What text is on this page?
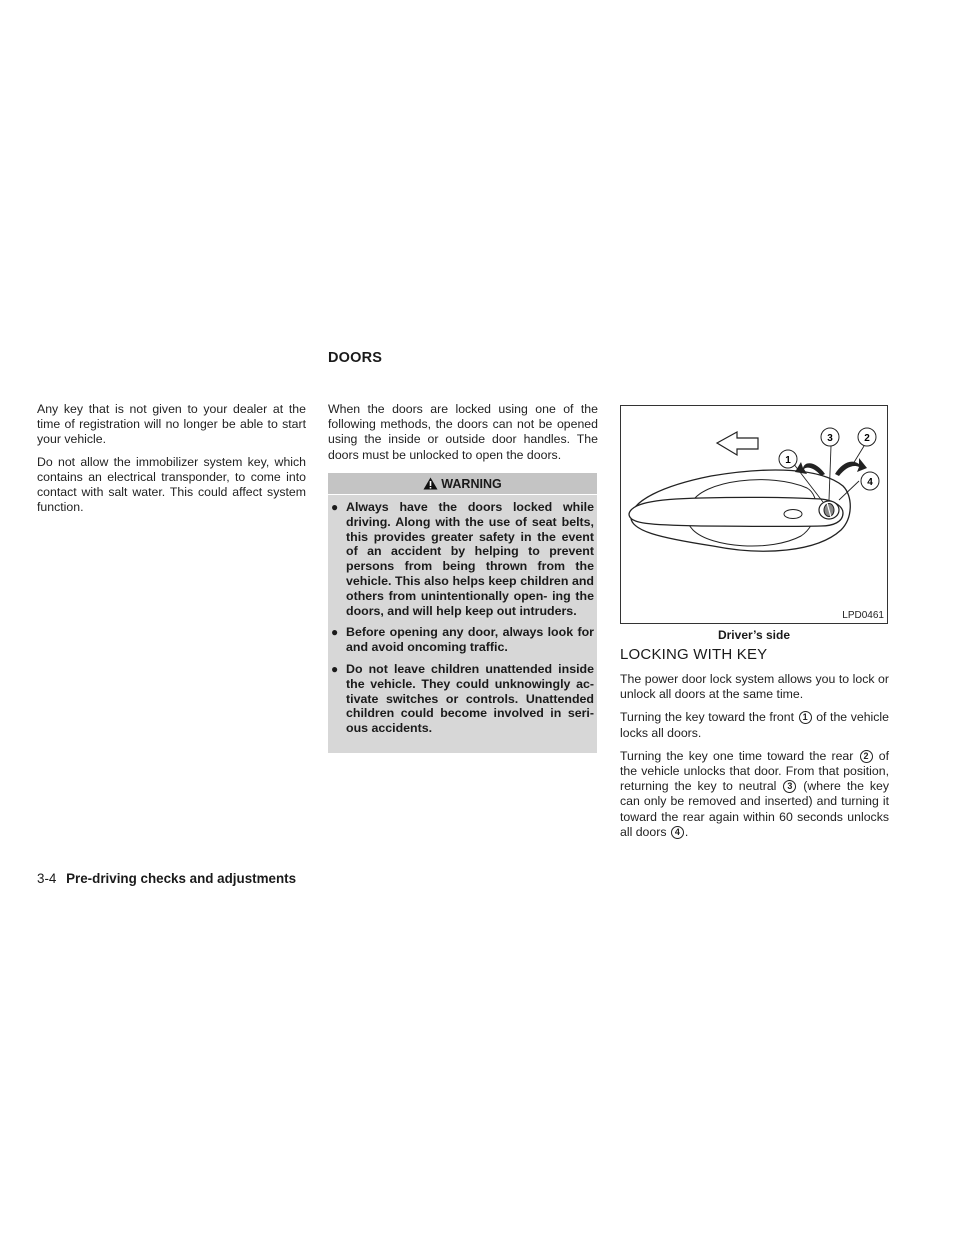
DOORS

Any key that is not given to your dealer at the time of registration will no longer be able to start your vehicle.

Do not allow the immobilizer system key, which contains an electrical transponder, to come into contact with salt water. This could affect system function.

When the doors are locked using one of the following methods, the doors can not be opened using the inside or outside door handles. The doors must be unlocked to open the doors.

WARNING
● Always have the doors locked while driving. Along with the use of seat belts, this provides greater safety in the event of an accident by helping to prevent persons from being thrown from the vehicle. This also helps keep children and others from unintentionally open- ing the doors, and will help keep out intruders.
● Before opening any door, always look for and avoid oncoming traffic.
● Do not leave children unattended inside the vehicle. They could unknowingly ac- tivate switches or controls. Unattended children could become involved in seri- ous accidents.
1
3	2
4
LPD0461
Driver’s side
LOCKING WITH KEY

The power door lock system allows you to lock or unlock all doors at the same time.

Turning the key toward the front 1 of the vehicle locks all doors.

Turning the key one time toward the rear 2 of the vehicle unlocks that door. From that position, returning the key to neutral 3 (where the key can only be removed and inserted) and turning it toward the rear again within 60 seconds unlocks all doors 4 .

3-4 Pre-driving checks and adjustments
